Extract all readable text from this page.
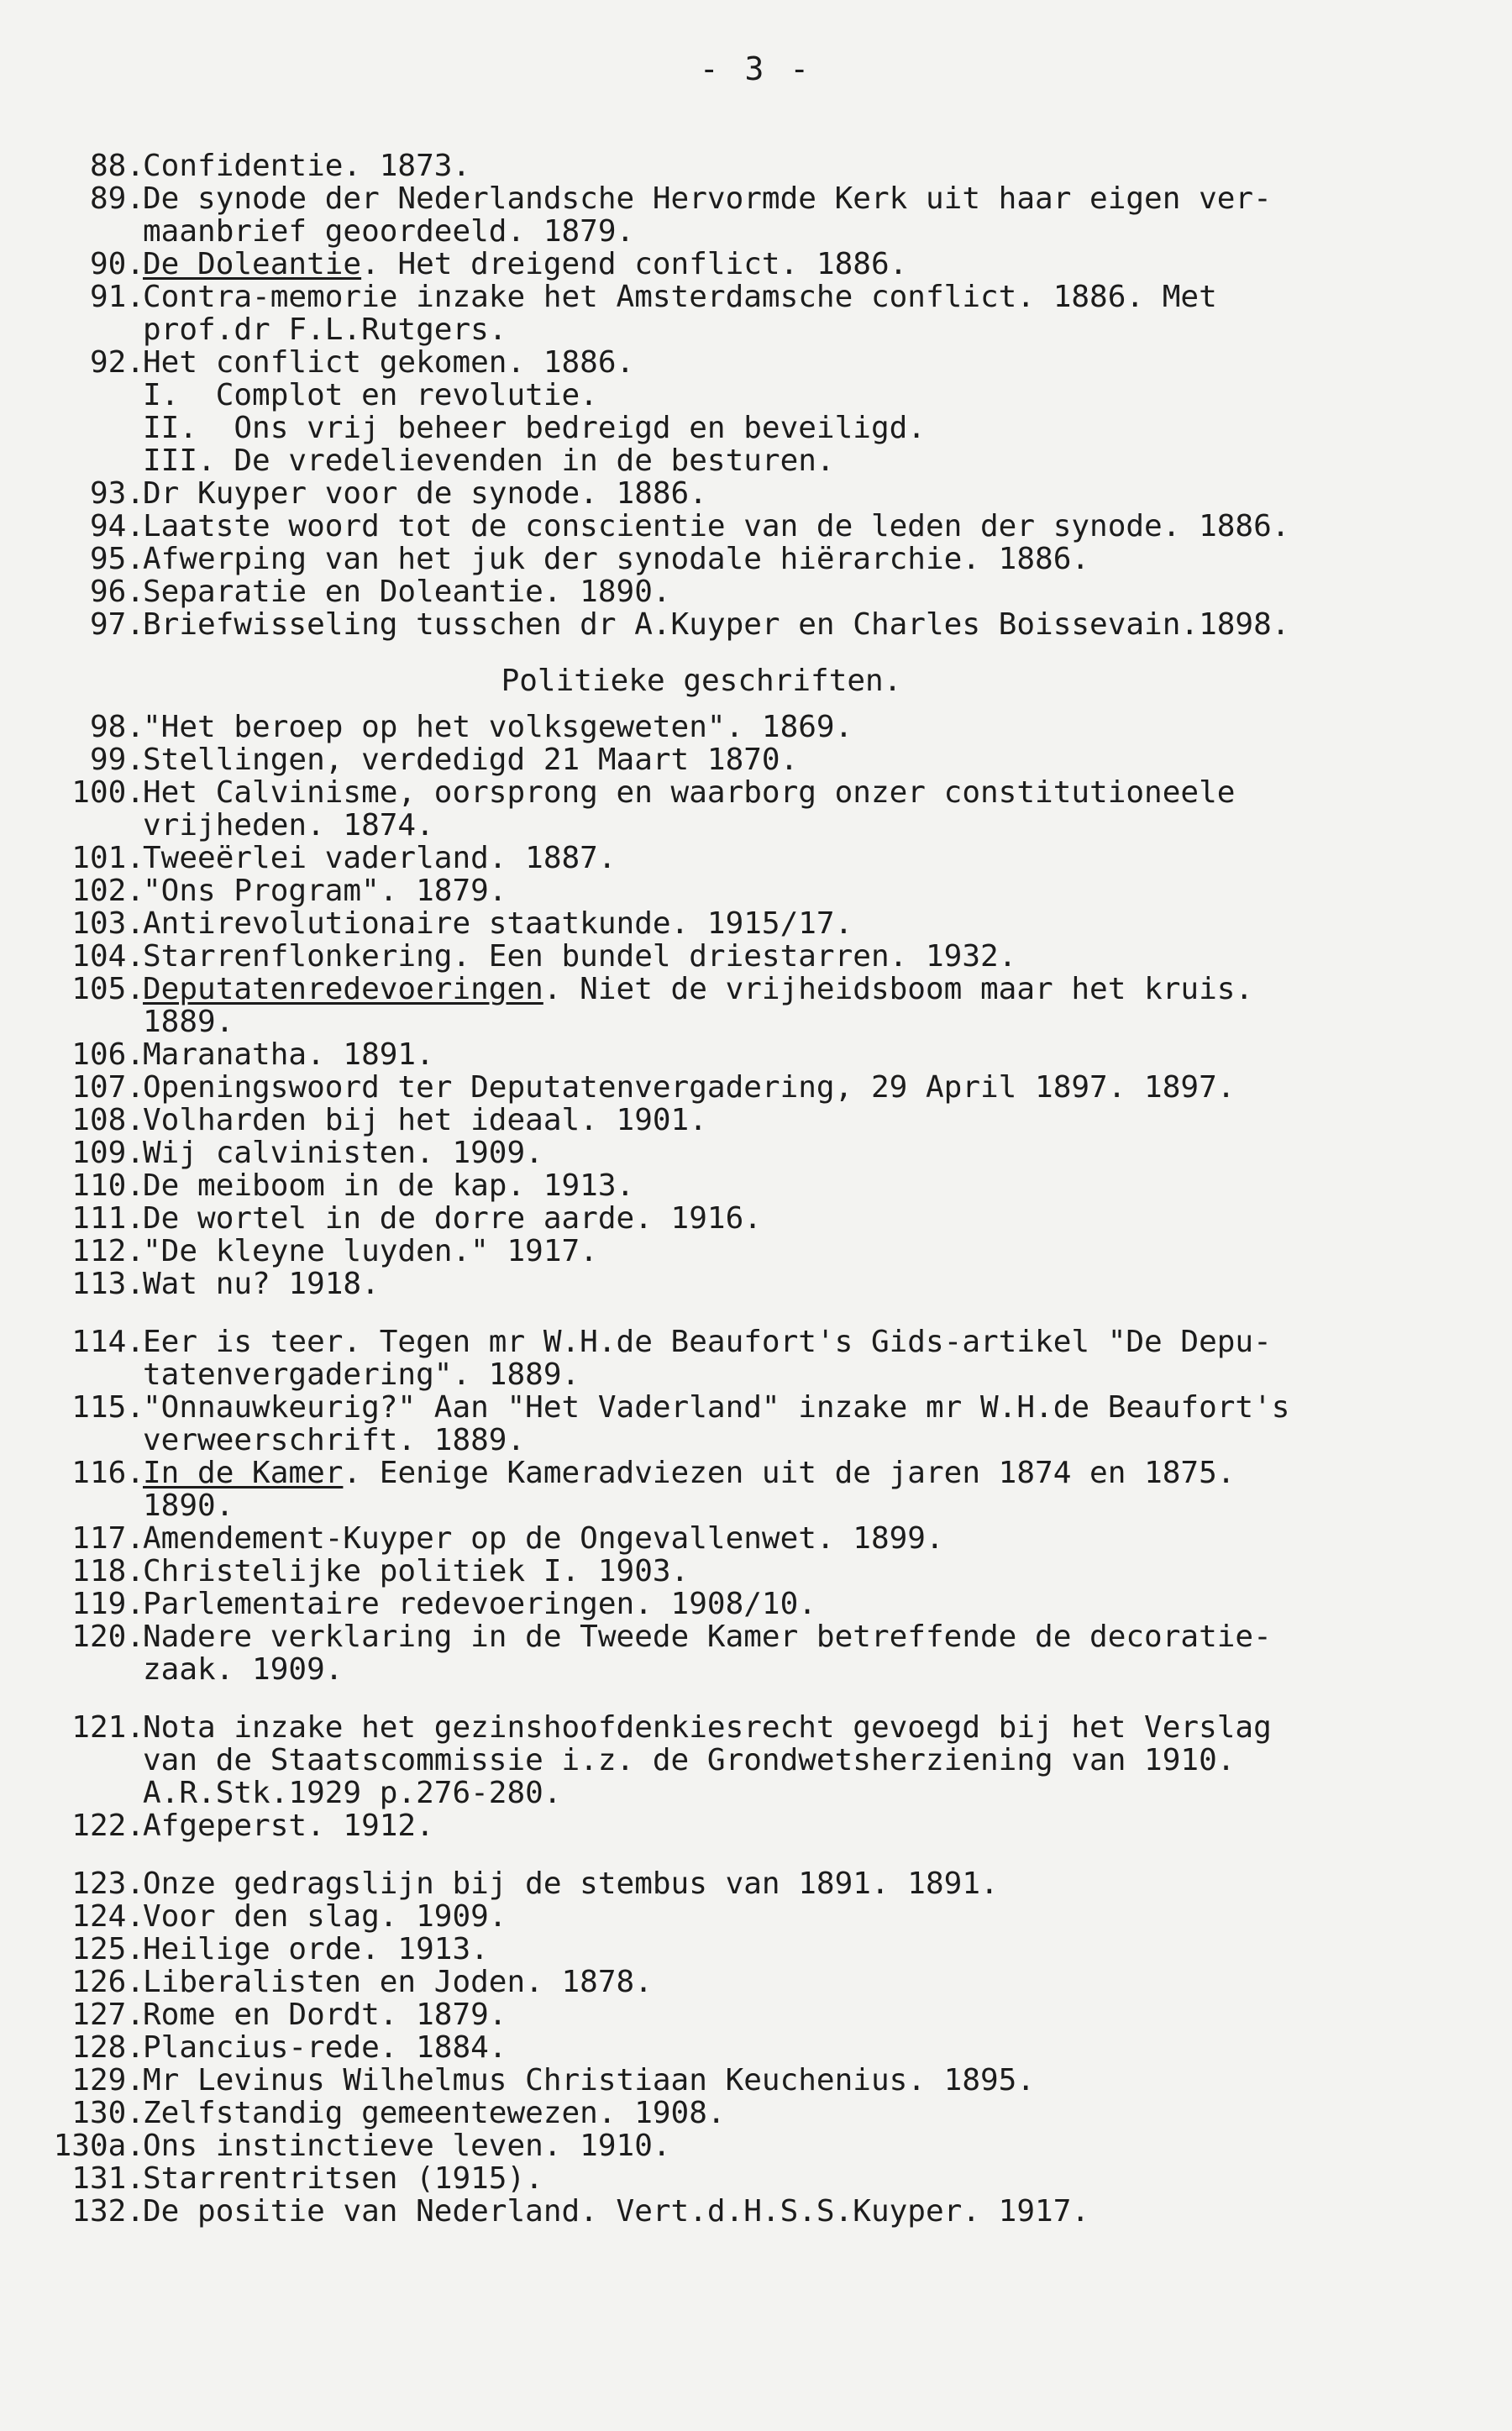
- 3 -
88.
Confidentie. 1873.
89.
De synode der Nederlandsche Hervormde Kerk uit haar eigen ver-
maanbrief geoordeeld. 1879.
90.
De Doleantie. Het dreigend conflict. 1886.
91.
Contra-memorie inzake het Amsterdamsche conflict. 1886. Met
prof.dr F.L.Rutgers.
92.
Het conflict gekomen. 1886.
I.  Complot en revolutie.
II.  Ons vrij beheer bedreigd en beveiligd.
III. De vredelievenden in de besturen.
93.
Dr Kuyper voor de synode. 1886.
94.
Laatste woord tot de conscientie van de leden der synode. 1886.
95.
Afwerping van het juk der synodale hiërarchie. 1886.
96.
Separatie en Doleantie. 1890.
97.
Briefwisseling tusschen dr A.Kuyper en Charles Boissevain.1898.
Politieke geschriften.
98.
"Het beroep op het volksgeweten". 1869.
99.
Stellingen, verdedigd 21 Maart 1870.
100.
Het Calvinisme, oorsprong en waarborg onzer constitutioneele
vrijheden. 1874.
101.
Tweeërlei vaderland. 1887.
102.
"Ons Program". 1879.
103.
Antirevolutionaire staatkunde. 1915/17.
104.
Starrenflonkering. Een bundel driestarren. 1932.
105.
Deputatenredevoeringen. Niet de vrijheidsboom maar het kruis.
1889.
106.
Maranatha. 1891.
107.
Openingswoord ter Deputatenvergadering, 29 April 1897. 1897.
108.
Volharden bij het ideaal. 1901.
109.
Wij calvinisten. 1909.
110.
De meiboom in de kap. 1913.
111.
De wortel in de dorre aarde. 1916.
112.
"De kleyne luyden." 1917.
113.
Wat nu? 1918.
114.
Eer is teer. Tegen mr W.H.de Beaufort's Gids-artikel "De Depu-
tatenvergadering". 1889.
115.
"Onnauwkeurig?" Aan "Het Vaderland" inzake mr W.H.de Beaufort's
verweerschrift. 1889.
116.
In de Kamer. Eenige Kameradviezen uit de jaren 1874 en 1875.
1890.
117.
Amendement-Kuyper op de Ongevallenwet. 1899.
118.
Christelijke politiek I. 1903.
119.
Parlementaire redevoeringen. 1908/10.
120.
Nadere verklaring in de Tweede Kamer betreffende de decoratie-
zaak. 1909.
121.
Nota inzake het gezinshoofdenkiesrecht gevoegd bij het Verslag
van de Staatscommissie i.z. de Grondwetsherziening van 1910.
A.R.Stk.1929 p.276-280.
122.
Afgeperst. 1912.
123.
Onze gedragslijn bij de stembus van 1891. 1891.
124.
Voor den slag. 1909.
125.
Heilige orde. 1913.
126.
Liberalisten en Joden. 1878.
127.
Rome en Dordt. 1879.
128.
Plancius-rede. 1884.
129.
Mr Levinus Wilhelmus Christiaan Keuchenius. 1895.
130.
Zelfstandig gemeentewezen. 1908.
130a.
Ons instinctieve leven. 1910.
131.
Starrentritsen (1915).
132.
De positie van Nederland. Vert.d.H.S.S.Kuyper. 1917.
